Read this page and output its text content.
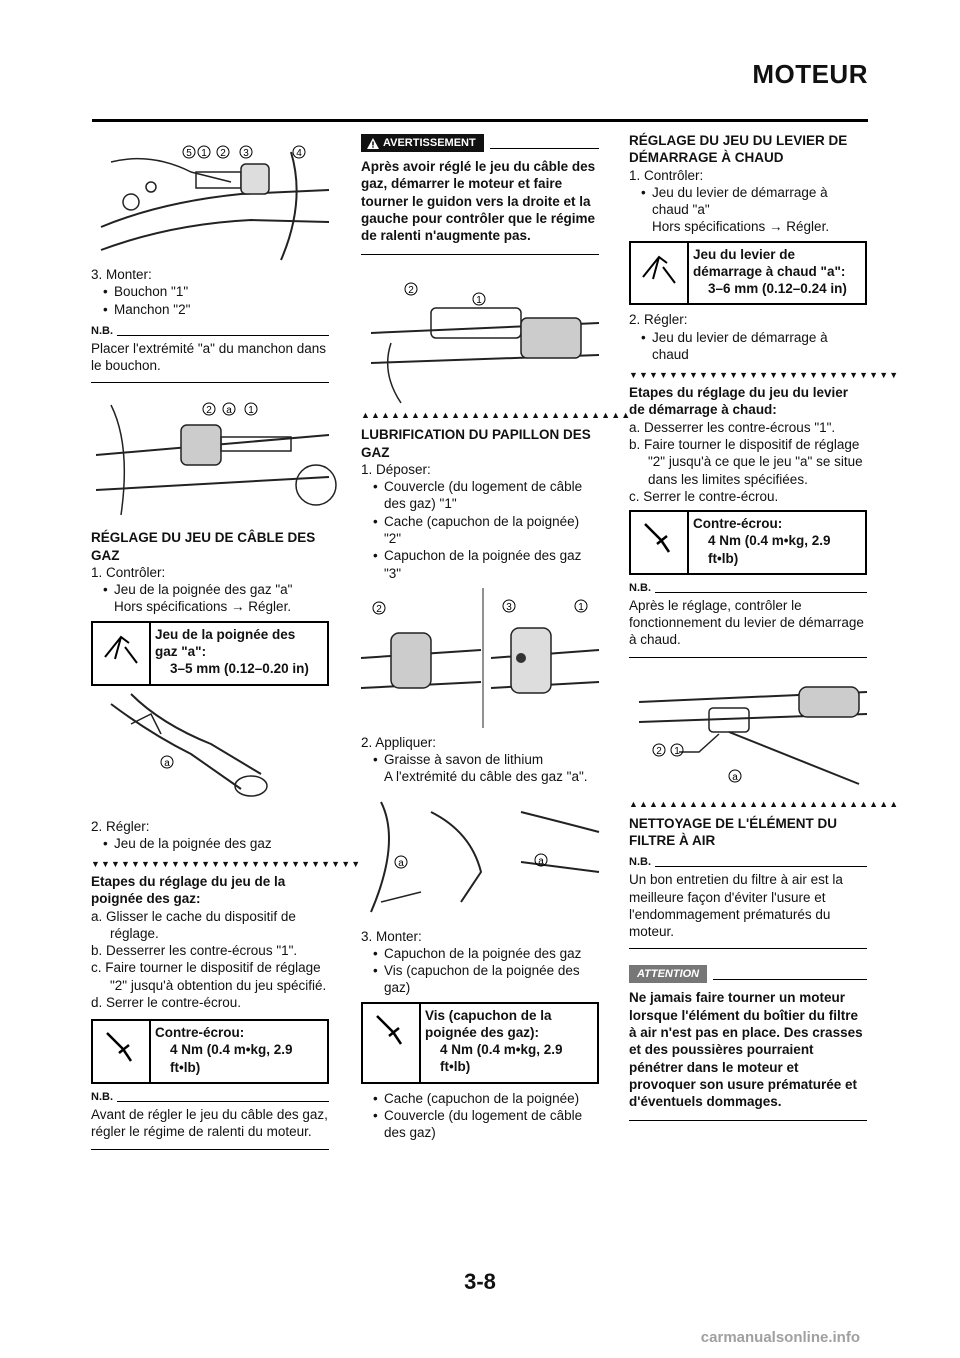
MOTEUR
5 1 2 3	4

3. Monter:

• Bouchon "1"

• Manchon "2"

N.B.
Placer l'extrémité "a" du manchon dans le bouchon.
2 a 1

RÉGLAGE DU JEU DE CÂBLE DES GAZ

1. Contrôler:

• Jeu de la poignée des gaz "a"

Hors spécifications → Régler.

Jeu de la poignée des gaz "a":
3–5 mm (0.12–0.20 in)
a

2. Régler:

• Jeu de la poignée des gaz

▼▼▼▼▼▼▼▼▼▼▼▼▼▼▼▼▼▼▼▼▼▼▼▼▼▼▼

Etapes du réglage du jeu de la poignée des gaz:

a. Glisser le cache du dispositif de réglage.

b. Desserrer les contre-écrous "1".

c. Faire tourner le dispositif de réglage "2" jusqu'à obtention du jeu spécifié.

d. Serrer le contre-écrou.

Contre-écrou:
4 Nm (0.4 m•kg, 2.9 ft•lb)
N.B.
Avant de régler le jeu du câble des gaz, régler le régime de ralenti du moteur.
AVERTISSEMENT
Après avoir réglé le jeu du câble des gaz, démarrer le moteur et faire tourner le guidon vers la droite et la gauche pour contrôler que le régime de ralenti n'augmente pas.
2
1
▲▲▲▲▲▲▲▲▲▲▲▲▲▲▲▲▲▲▲▲▲▲▲▲▲▲▲

LUBRIFICATION DU PAPILLON DES GAZ

1. Déposer:

• Couvercle (du logement de câble des gaz) "1"

• Cache (capuchon de la poignée) "2"

• Capuchon de la poignée des gaz "3"

2	3	1

2. Appliquer:

• Graisse à savon de lithium

A l'extrémité du câble des gaz "a".

a	a

3. Monter:

• Capuchon de la poignée des gaz

• Vis (capuchon de la poignée des gaz)

Vis (capuchon de la poignée des gaz):
4 Nm (0.4 m•kg, 2.9 ft•lb)

• Cache (capuchon de la poignée)

• Couvercle (du logement de câble des gaz)

RÉGLAGE DU JEU DU LEVIER DE DÉMARRAGE À CHAUD

1. Contrôler:

• Jeu du levier de démarrage à chaud "a"

Hors spécifications → Régler.

Jeu du levier de démarrage à chaud "a":
3–6 mm (0.12–0.24 in)

2. Régler:

• Jeu du levier de démarrage à chaud

▼▼▼▼▼▼▼▼▼▼▼▼▼▼▼▼▼▼▼▼▼▼▼▼▼▼▼

Etapes du réglage du jeu du levier de démarrage à chaud:

a. Desserrer les contre-écrous "1".

b. Faire tourner le dispositif de réglage "2" jusqu'à ce que le jeu "a" se situe dans les limites spécifiées.

c. Serrer le contre-écrou.

Contre-écrou:
4 Nm (0.4 m•kg, 2.9 ft•lb)
N.B.
Après le réglage, contrôler le fonctionnement du levier de démarrage à chaud.
2 1
a
▲▲▲▲▲▲▲▲▲▲▲▲▲▲▲▲▲▲▲▲▲▲▲▲▲▲▲

NETTOYAGE DE L'ÉLÉMENT DU FILTRE À AIR

N.B.
Un bon entretien du filtre à air est la meilleure façon d'éviter l'usure et l'endommagement prématurés du moteur.
ATTENTION
Ne jamais faire tourner un moteur lorsque l'élément du boîtier du filtre à air n'est pas en place. Des crasses et des poussières pourraient pénétrer dans le moteur et provoquer son usure prématurée et d'éventuels dommages.
3-8
carmanualsonline.info
